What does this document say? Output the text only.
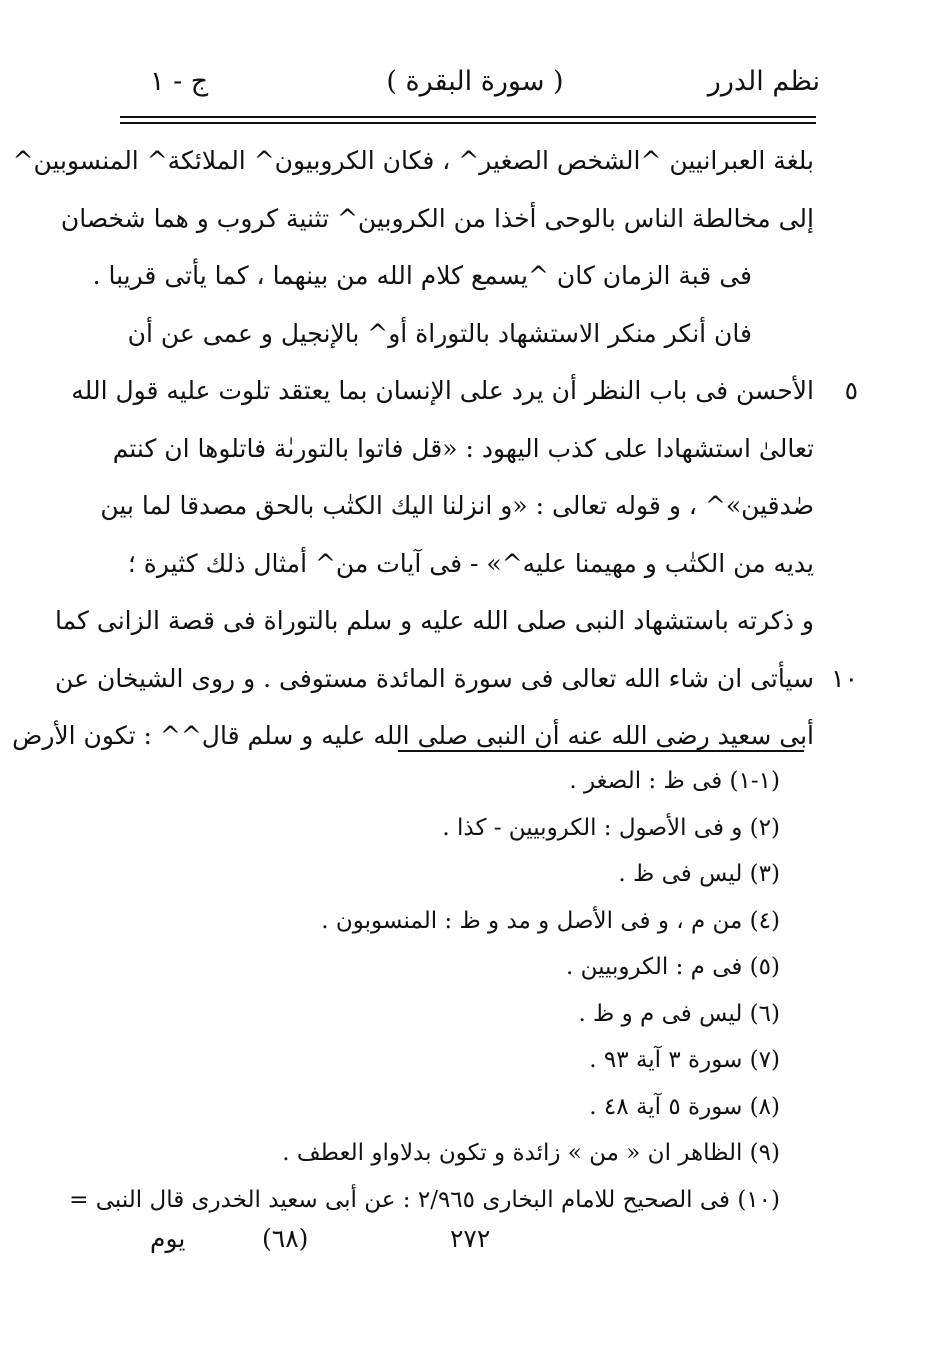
نظم الدرر
( سورة البقرة )
ج - ١
بلغة العبرانيين ^الشخص الصغير^ ، فكان الكروبيون^ الملائكة^ المنسوبين^
إلى مخالطة الناس بالوحى أخذا من الكروبين^ تثنية كروب و هما شخصان
فى قبة الزمان كان ^يسمع كلام الله من بينهما ، كما يأتى قريبا .
فان أنكر منكر الاستشهاد بالتوراة أو^ بالإنجيل و عمى عن أن
٥
الأحسن فى باب النظر أن يرد على الإنسان بما يعتقد تلوت عليه قول الله
تعالىٰ استشهادا على كذب اليهود : «قل فاتوا بالتورىٰة فاتلوها ان كنتم
صٰدقين»^ ، و قوله تعالى : «و انزلنا اليك الكتٰب بالحق مصدقا لما بين
يديه من الكتٰب و مهيمنا عليه^» - فى آيات من^ أمثال ذلك كثيرة ؛
و ذكرته باستشهاد النبى صلى الله عليه و سلم بالتوراة فى قصة الزانى كما
١٠
سيأتى ان شاء الله تعالى فى سورة المائدة مستوفى . و روى الشيخان عن
أبى سعيد رضى الله عنه أن النبى صلى الله عليه و سلم قال^^ : تكون الأرض
(١-١) فى ظ : الصغر .
(٢) و فى الأصول : الكروبيين - كذا .
(٣) ليس فى ظ .
(٤) من م ، و فى الأصل و مد و ظ : المنسوبون .
(٥) فى م : الكروبيين .
(٦) ليس فى م و ظ .
(٧) سورة ٣ آية ٩٣ .
(٨) سورة ٥ آية ٤٨ .
(٩) الظاهر ان « من » زائدة و تكون بدلاواو العطف .
(١٠) فى الصحيح للامام البخارى ٢/٩٦٥ : عن أبى سعيد الخدرى قال النبى =
٢٧٢
(٦٨)
يوم
